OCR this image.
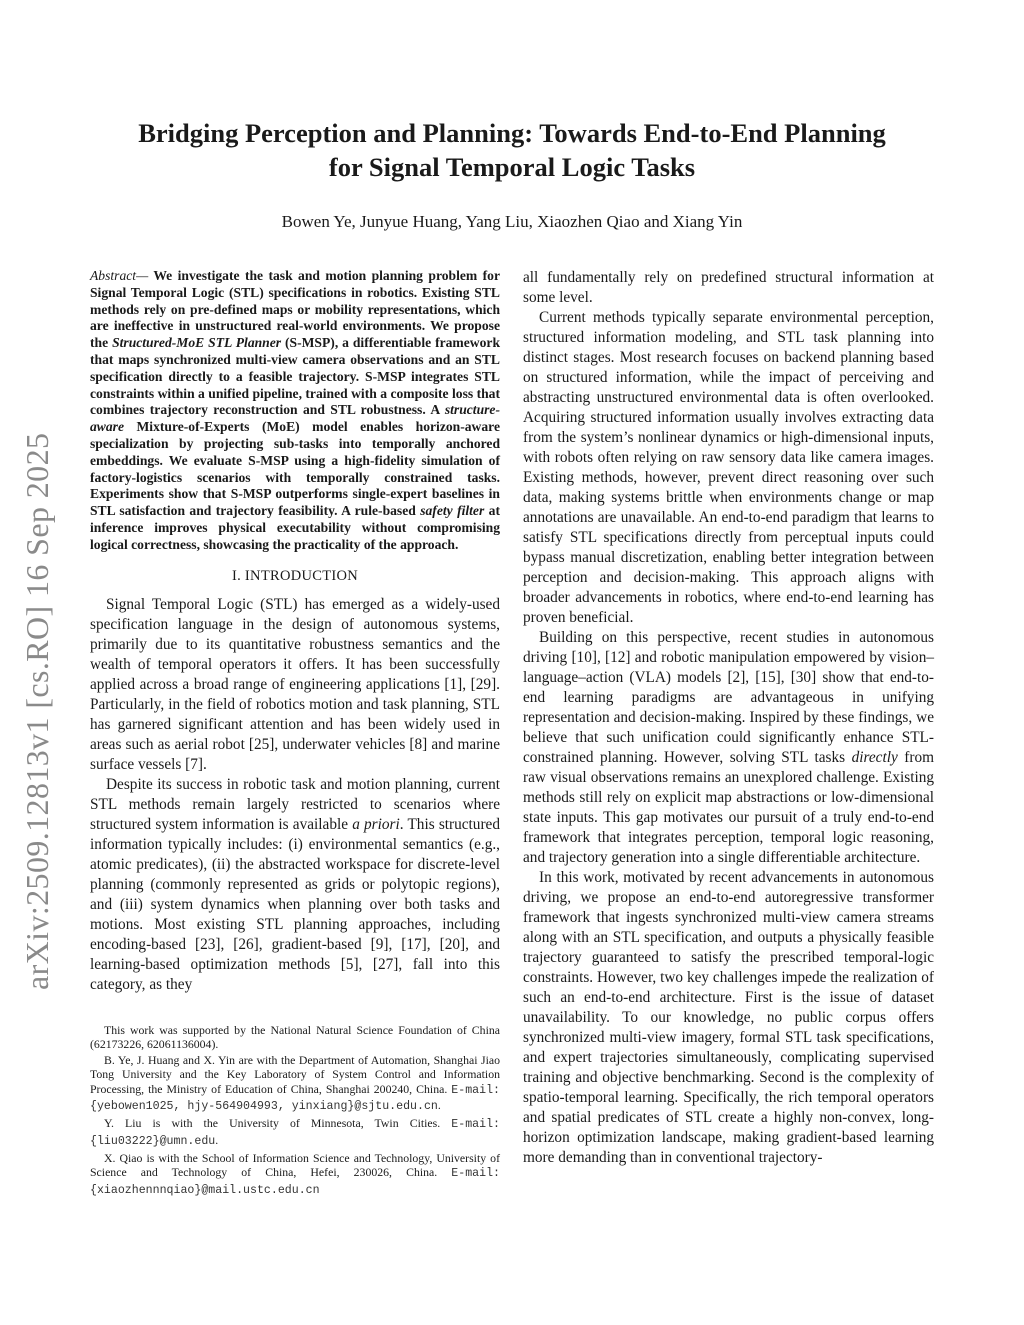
arXiv:2509.12813v1 [cs.RO] 16 Sep 2025
Bridging Perception and Planning: Towards End-to-End Planning
for Signal Temporal Logic Tasks
Bowen Ye, Junyue Huang, Yang Liu, Xiaozhen Qiao and Xiang Yin

Abstract— We investigate the task and motion planning problem for Signal Temporal Logic (STL) specifications in robotics. Existing STL methods rely on pre-defined maps or mobility representations, which are ineffective in unstructured real-world environments. We propose the Structured-MoE STL Planner (S-MSP), a differentiable framework that maps synchronized multi-view camera observations and an STL specification directly to a feasible trajectory. S-MSP integrates STL constraints within a unified pipeline, trained with a composite loss that combines trajectory reconstruction and STL robustness. A structure-aware Mixture-of-Experts (MoE) model enables horizon-aware specialization by projecting sub-tasks into temporally anchored embeddings. We evaluate S-MSP using a high-fidelity simulation of factory-logistics scenarios with temporally constrained tasks. Experiments show that S-MSP outperforms single-expert baselines in STL satisfaction and trajectory feasibility. A rule-based safety filter at inference improves physical executability without compromising logical correctness, showcasing the practicality of the approach.

I. INTRODUCTION

Signal Temporal Logic (STL) has emerged as a widely-used specification language in the design of autonomous systems, primarily due to its quantitative robustness semantics and the wealth of temporal operators it offers. It has been successfully applied across a broad range of engineering applications [1], [29]. Particularly, in the field of robotics motion and task planning, STL has garnered significant attention and has been widely used in areas such as aerial robot [25], underwater vehicles [8] and marine surface vessels [7].

Despite its success in robotic task and motion planning, current STL methods remain largely restricted to scenarios where structured system information is available a priori. This structured information typically includes: (i) environmental semantics (e.g., atomic predicates), (ii) the abstracted workspace for discrete-level planning (commonly represented as grids or polytopic regions), and (iii) system dynamics when planning over both tasks and motions. Most existing STL planning approaches, including encoding-based [23], [26], gradient-based [9], [17], [20], and learning-based optimization methods [5], [27], fall into this category, as they

This work was supported by the National Natural Science Foundation of China (62173226, 62061136004).

B. Ye, J. Huang and X. Yin are with the Department of Automation, Shanghai Jiao Tong University and the Key Laboratory of System Control and Information Processing, the Ministry of Education of China, Shanghai 200240, China. E-mail: {yebowen1025, hjy-564904993, yinxiang}@sjtu.edu.cn.

Y. Liu is with the University of Minnesota, Twin Cities. E-mail: {liu03222}@umn.edu.

X. Qiao is with the School of Information Science and Technology, University of Science and Technology of China, Hefei, 230026, China. E-mail:{xiaozhennnqiao}@mail.ustc.edu.cn

all fundamentally rely on predefined structural information at some level.

Current methods typically separate environmental perception, structured information modeling, and STL task planning into distinct stages. Most research focuses on backend planning based on structured information, while the impact of perceiving and abstracting unstructured environmental data is often overlooked. Acquiring structured information usually involves extracting data from the system’s nonlinear dynamics or high-dimensional inputs, with robots often relying on raw sensory data like camera images. Existing methods, however, prevent direct reasoning over such data, making systems brittle when environments change or map annotations are unavailable. An end-to-end paradigm that learns to satisfy STL specifications directly from perceptual inputs could bypass manual discretization, enabling better integration between perception and decision-making. This approach aligns with broader advancements in robotics, where end-to-end learning has proven beneficial.

Building on this perspective, recent studies in autonomous driving [10], [12] and robotic manipulation empowered by vision–language–action (VLA) models [2], [15], [30] show that end-to-end learning paradigms are advantageous in unifying representation and decision-making. Inspired by these findings, we believe that such unification could significantly enhance STL-constrained planning. However, solving STL tasks directly from raw visual observations remains an unexplored challenge. Existing methods still rely on explicit map abstractions or low-dimensional state inputs. This gap motivates our pursuit of a truly end-to-end framework that integrates perception, temporal logic reasoning, and trajectory generation into a single differentiable architecture.

In this work, motivated by recent advancements in autonomous driving, we propose an end-to-end autoregressive transformer framework that ingests synchronized multi-view camera streams along with an STL specification, and outputs a physically feasible trajectory guaranteed to satisfy the prescribed temporal-logic constraints. However, two key challenges impede the realization of such an end-to-end architecture. First is the issue of dataset unavailability. To our knowledge, no public corpus offers synchronized multi-view imagery, formal STL task specifications, and expert trajectories simultaneously, complicating supervised training and objective benchmarking. Second is the complexity of spatio-temporal learning. Specifically, the rich temporal operators and spatial predicates of STL create a highly non-convex, long-horizon optimization landscape, making gradient-based learning more demanding than in conventional trajectory-
